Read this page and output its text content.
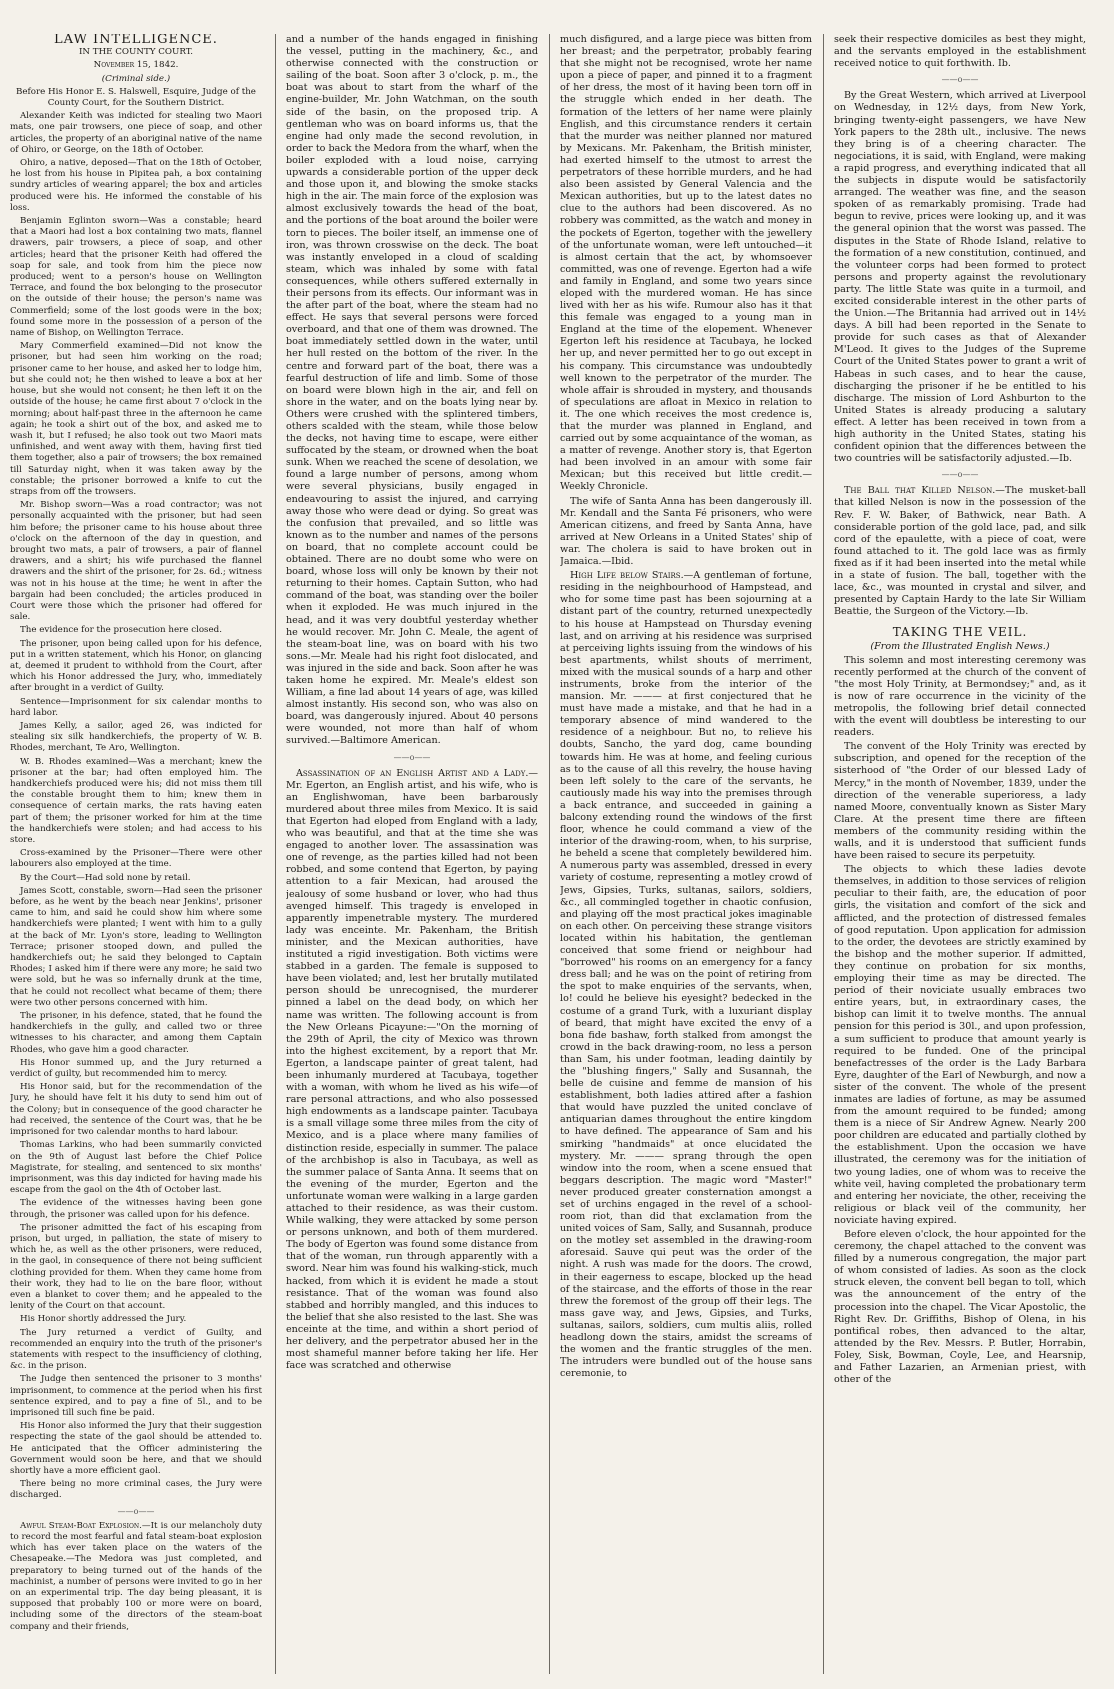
LAW INTELLIGENCE.

IN THE COUNTY COURT.

November 15, 1842.

(Criminal side.)

Before His Honor E. S. Halswell, Esquire, Judge of the County Court, for the Southern District.

Alexander Keith was indicted for stealing two Maori mats, one pair trowsers, one piece of soap, and other articles, the property of an aboriginal native of the name of Ohiro, or George, on the 18th of October.

Ohiro, a native, deposed—That on the 18th of October, he lost from his house in Pipitea pah, a box containing sundry articles of wearing apparel; the box and articles produced were his. He informed the constable of his loss.

Benjamin Eglinton sworn—Was a constable; heard that a Maori had lost a box containing two mats, flannel drawers, pair trowsers, a piece of soap, and other articles; heard that the prisoner Keith had offered the soap for sale, and took from him the piece now produced; went to a person's house on Wellington Terrace, and found the box belonging to the prosecutor on the outside of their house; the person's name was Commerfield; some of the lost goods were in the box; found some more in the possession of a person of the name of Bishop, on Wellington Terrace.

Mary Commerfield examined—Did not know the prisoner, but had seen him working on the road; prisoner came to her house, and asked her to lodge him, but she could not; he then wished to leave a box at her house, but she would not consent; he then left it on the outside of the house; he came first about 7 o'clock in the morning; about half-past three in the afternoon he came again; he took a shirt out of the box, and asked me to wash it, but I refused; he also took out two Maori mats unfinished, and went away with them, having first tied them together, also a pair of trowsers; the box remained till Saturday night, when it was taken away by the constable; the prisoner borrowed a knife to cut the straps from off the trowsers.

Mr. Bishop sworn—Was a road contractor; was not personally acquainted with the prisoner, but had seen him before; the prisoner came to his house about three o'clock on the afternoon of the day in question, and brought two mats, a pair of trowsers, a pair of flannel drawers, and a shirt; his wife purchased the flannel drawers and the shirt of the prisoner, for 2s. 6d.; witness was not in his house at the time; he went in after the bargain had been concluded; the articles produced in Court were those which the prisoner had offered for sale.

The evidence for the prosecution here closed.

The prisoner, upon being called upon for his defence, put in a written statement, which his Honor, on glancing at, deemed it prudent to withhold from the Court, after which his Honor addressed the Jury, who, immediately after brought in a verdict of Guilty.

Sentence—Imprisonment for six calendar months to hard labor.

James Kelly, a sailor, aged 26, was indicted for stealing six silk handkerchiefs, the property of W. B. Rhodes, merchant, Te Aro, Wellington.

W. B. Rhodes examined—Was a merchant; knew the prisoner at the bar; had often employed him. The handkerchiefs produced were his; did not miss them till the constable brought them to him; knew them in consequence of certain marks, the rats having eaten part of them; the prisoner worked for him at the time the handkerchiefs were stolen; and had access to his store.

Cross-examined by the Prisoner—There were other labourers also employed at the time.

By the Court—Had sold none by retail.

James Scott, constable, sworn—Had seen the prisoner before, as he went by the beach near Jenkins', prisoner came to him, and said he could show him where some handkerchiefs were planted; I went with him to a gully at the back of Mr. Lyon's store, leading to Wellington Terrace; prisoner stooped down, and pulled the handkerchiefs out; he said they belonged to Captain Rhodes; I asked him if there were any more; he said two were sold, but he was so infernally drunk at the time, that he could not recollect what became of them; there were two other persons concerned with him.

The prisoner, in his defence, stated, that he found the handkerchiefs in the gully, and called two or three witnesses to his character, and among them Captain Rhodes, who gave him a good character.

His Honor summed up, and the Jury returned a verdict of guilty, but recommended him to mercy.

His Honor said, but for the recommendation of the Jury, he should have felt it his duty to send him out of the Colony; but in consequence of the good character he had received, the sentence of the Court was, that he be imprisoned for two calendar months to hard labour.

Thomas Larkins, who had been summarily convicted on the 9th of August last before the Chief Police Magistrate, for stealing, and sentenced to six months' imprisonment, was this day indicted for having made his escape from the gaol on the 4th of October last.

The evidence of the witnesses having been gone through, the prisoner was called upon for his defence.

The prisoner admitted the fact of his escaping from prison, but urged, in palliation, the state of misery to which he, as well as the other prisoners, were reduced, in the gaol, in consequence of there not being sufficient clothing provided for them. When they came home from their work, they had to lie on the bare floor, without even a blanket to cover them; and he appealed to the lenity of the Court on that account.

His Honor shortly addressed the Jury.

The Jury returned a verdict of Guilty, and recommended an enquiry into the truth of the prisoner's statements with respect to the insufficiency of clothing, &c. in the prison.

The Judge then sentenced the prisoner to 3 months' imprisonment, to commence at the period when his first sentence expired, and to pay a fine of 5l., and to be imprisoned till such fine be paid.

His Honor also informed the Jury that their suggestion respecting the state of the gaol should be attended to. He anticipated that the Officer administering the Government would soon be here, and that we should shortly have a more efficient gaol.

There being no more criminal cases, the Jury were discharged.

——o——

Awful Steam-Boat Explosion.—It is our melancholy duty to record the most fearful and fatal steam-boat explosion which has ever taken place on the waters of the Chesapeake.—The Medora was just completed, and preparatory to being turned out of the hands of the machinist, a number of persons were invited to go in her on an experimental trip. The day being pleasant, it is supposed that probably 100 or more were on board, including some of the directors of the steam-boat company and their friends,

and a number of the hands engaged in finishing the vessel, putting in the machinery, &c., and otherwise connected with the construction or sailing of the boat. Soon after 3 o'clock, p. m., the boat was about to start from the wharf of the engine-builder, Mr. John Watchman, on the south side of the basin, on the proposed trip. A gentleman who was on board informs us, that the engine had only made the second revolution, in order to back the Medora from the wharf, when the boiler exploded with a loud noise, carrying upwards a considerable portion of the upper deck and those upon it, and blowing the smoke stacks high in the air. The main force of the explosion was almost exclusively towards the head of the boat, and the portions of the boat around the boiler were torn to pieces. The boiler itself, an immense one of iron, was thrown crosswise on the deck. The boat was instantly enveloped in a cloud of scalding steam, which was inhaled by some with fatal consequences, while others suffered externally in their persons from its effects. Our informant was in the after part of the boat, where the steam had no effect. He says that several persons were forced overboard, and that one of them was drowned. The boat immediately settled down in the water, until her hull rested on the bottom of the river. In the centre and forward part of the boat, there was a fearful destruction of life and limb. Some of those on board were blown high in the air, and fell on shore in the water, and on the boats lying near by. Others were crushed with the splintered timbers, others scalded with the steam, while those below the decks, not having time to escape, were either suffocated by the steam, or drowned when the boat sunk. When we reached the scene of desolation, we found a large number of persons, among whom were several physicians, busily engaged in endeavouring to assist the injured, and carrying away those who were dead or dying. So great was the confusion that prevailed, and so little was known as to the number and names of the persons on board, that no complete account could be obtained. There are no doubt some who were on board, whose loss will only be known by their not returning to their homes. Captain Sutton, who had command of the boat, was standing over the boiler when it exploded. He was much injured in the head, and it was very doubtful yesterday whether he would recover. Mr. John C. Meale, the agent of the steam-boat line, was on board with his two sons.—Mr. Meale had his right foot dislocated, and was injured in the side and back. Soon after he was taken home he expired. Mr. Meale's eldest son William, a fine lad about 14 years of age, was killed almost instantly. His second son, who was also on board, was dangerously injured. About 40 persons were wounded, not more than half of whom survived.—Baltimore American.

——o——

Assassination of an English Artist and a Lady.—Mr. Egerton, an English artist, and his wife, who is an Englishwoman, have been barbarously murdered about three miles from Mexico. It is said that Egerton had eloped from England with a lady, who was beautiful, and that at the time she was engaged to another lover. The assassination was one of revenge, as the parties killed had not been robbed, and some contend that Egerton, by paying attention to a fair Mexican, had aroused the jealousy of some husband or lover, who had thus avenged himself. This tragedy is enveloped in apparently impenetrable mystery. The murdered lady was enceinte. Mr. Pakenham, the British minister, and the Mexican authorities, have instituted a rigid investigation. Both victims were stabbed in a garden. The female is supposed to have been violated; and, lest her brutally mutilated person should be unrecognised, the murderer pinned a label on the dead body, on which her name was written. The following account is from the New Orleans Picayune:—"On the morning of the 29th of April, the city of Mexico was thrown into the highest excitement, by a report that Mr. Egerton, a landscape painter of great talent, had been inhumanly murdered at Tacubaya, together with a woman, with whom he lived as his wife—of rare personal attractions, and who also possessed high endowments as a landscape painter. Tacubaya is a small village some three miles from the city of Mexico, and is a place where many families of distinction reside, especially in summer. The palace of the archbishop is also in Tacubaya, as well as the summer palace of Santa Anna. It seems that on the evening of the murder, Egerton and the unfortunate woman were walking in a large garden attached to their residence, as was their custom. While walking, they were attacked by some person or persons unknown, and both of them murdered. The body of Egerton was found some distance from that of the woman, run through apparently with a sword. Near him was found his walking-stick, much hacked, from which it is evident he made a stout resistance. That of the woman was found also stabbed and horribly mangled, and this induces to the belief that she also resisted to the last. She was enceinte at the time, and within a short period of her delivery, and the perpetrator abused her in the most shameful manner before taking her life. Her face was scratched and otherwise

much disfigured, and a large piece was bitten from her breast; and the perpetrator, probably fearing that she might not be recognised, wrote her name upon a piece of paper, and pinned it to a fragment of her dress, the most of it having been torn off in the struggle which ended in her death. The formation of the letters of her name were plainly English, and this circumstance renders it certain that the murder was neither planned nor matured by Mexicans. Mr. Pakenham, the British minister, had exerted himself to the utmost to arrest the perpetrators of these horrible murders, and he had also been assisted by General Valencia and the Mexican authorities, but up to the latest dates no clue to the authors had been discovered. As no robbery was committed, as the watch and money in the pockets of Egerton, together with the jewellery of the unfortunate woman, were left untouched—it is almost certain that the act, by whomsoever committed, was one of revenge. Egerton had a wife and family in England, and some two years since eloped with the murdered woman. He has since lived with her as his wife. Rumour also has it that this female was engaged to a young man in England at the time of the elopement. Whenever Egerton left his residence at Tacubaya, he locked her up, and never permitted her to go out except in his company. This circumstance was undoubtedly well known to the perpetrator of the murder. The whole affair is shrouded in mystery, and thousands of speculations are afloat in Mexico in relation to it. The one which receives the most credence is, that the murder was planned in England, and carried out by some acquaintance of the woman, as a matter of revenge. Another story is, that Egerton had been involved in an amour with some fair Mexican; but this received but little credit.—Weekly Chronicle.

The wife of Santa Anna has been dangerously ill. Mr. Kendall and the Santa Fé prisoners, who were American citizens, and freed by Santa Anna, have arrived at New Orleans in a United States' ship of war. The cholera is said to have broken out in Jamaica.—Ibid.

High Life below Stairs.—A gentleman of fortune, residing in the neighbourhood of Hampstead, and who for some time past has been sojourning at a distant part of the country, returned unexpectedly to his house at Hampstead on Thursday evening last, and on arriving at his residence was surprised at perceiving lights issuing from the windows of his best apartments, whilst shouts of merriment, mixed with the musical sounds of a harp and other instruments, broke from the interior of the mansion. Mr. ——— at first conjectured that he must have made a mistake, and that he had in a temporary absence of mind wandered to the residence of a neighbour. But no, to relieve his doubts, Sancho, the yard dog, came bounding towards him. He was at home, and feeling curious as to the cause of all this revelry, the house having been left solely to the care of the servants, he cautiously made his way into the premises through a back entrance, and succeeded in gaining a balcony extending round the windows of the first floor, whence he could command a view of the interior of the drawing-room, when, to his surprise, he beheld a scene that completely bewildered him. A numerous party was assembled, dressed in every variety of costume, representing a motley crowd of Jews, Gipsies, Turks, sultanas, sailors, soldiers, &c., all commingled together in chaotic confusion, and playing off the most practical jokes imaginable on each other. On perceiving these strange visitors located within his habitation, the gentleman conceived that some friend or neighbour had "borrowed" his rooms on an emergency for a fancy dress ball; and he was on the point of retiring from the spot to make enquiries of the servants, when, lo! could he believe his eyesight? bedecked in the costume of a grand Turk, with a luxuriant display of beard, that might have excited the envy of a bona fide bashaw, forth stalked from amongst the crowd in the back drawing-room, no less a person than Sam, his under footman, leading daintily by the "blushing fingers," Sally and Susannah, the belle de cuisine and femme de mansion of his establishment, both ladies attired after a fashion that would have puzzled the united conclave of antiquarian dames throughout the entire kingdom to have defined. The appearance of Sam and his smirking "handmaids" at once elucidated the mystery. Mr. ——— sprang through the open window into the room, when a scene ensued that beggars description. The magic word "Master!" never produced greater consternation amongst a set of urchins engaged in the revel of a school-room riot, than did that exclamation from the united voices of Sam, Sally, and Susannah, produce on the motley set assembled in the drawing-room aforesaid. Sauve qui peut was the order of the night. A rush was made for the doors. The crowd, in their eagerness to escape, blocked up the head of the staircase, and the efforts of those in the rear threw the foremost of the group off their legs. The mass gave way, and Jews, Gipsies, and Turks, sultanas, sailors, soldiers, cum multis aliis, rolled headlong down the stairs, amidst the screams of the women and the frantic struggles of the men. The intruders were bundled out of the house sans ceremonie, to

seek their respective domiciles as best they might, and the servants employed in the establishment received notice to quit forthwith. Ib.

——o——

By the Great Western, which arrived at Liverpool on Wednesday, in 12½ days, from New York, bringing twenty-eight passengers, we have New York papers to the 28th ult., inclusive. The news they bring is of a cheering character. The negociations, it is said, with England, were making a rapid progress, and everything indicated that all the subjects in dispute would be satisfactorily arranged. The weather was fine, and the season spoken of as remarkably promising. Trade had begun to revive, prices were looking up, and it was the general opinion that the worst was passed. The disputes in the State of Rhode Island, relative to the formation of a new constitution, continued, and the volunteer corps had been formed to protect persons and property against the revolutionary party. The little State was quite in a turmoil, and excited considerable interest in the other parts of the Union.—The Britannia had arrived out in 14½ days. A bill had been reported in the Senate to provide for such cases as that of Alexander M'Leod. It gives to the Judges of the Supreme Court of the United States power to grant a writ of Habeas in such cases, and to hear the cause, discharging the prisoner if he be entitled to his discharge. The mission of Lord Ashburton to the United States is already producing a salutary effect. A letter has been received in town from a high authority in the United States, stating his confident opinion that the differences between the two countries will be satisfactorily adjusted.—Ib.

——o——

The Ball that Killed Nelson.—The musket-ball that killed Nelson is now in the possession of the Rev. F. W. Baker, of Bathwick, near Bath. A considerable portion of the gold lace, pad, and silk cord of the epaulette, with a piece of coat, were found attached to it. The gold lace was as firmly fixed as if it had been inserted into the metal while in a state of fusion. The ball, together with the lace, &c., was mounted in crystal and silver, and presented by Captain Hardy to the late Sir William Beattie, the Surgeon of the Victory.—Ib.

TAKING THE VEIL.

(From the Illustrated English News.)

This solemn and most interesting ceremony was recently performed at the church of the convent of "the most Holy Trinity, at Bermondsey;" and, as it is now of rare occurrence in the vicinity of the metropolis, the following brief detail connected with the event will doubtless be interesting to our readers.

The convent of the Holy Trinity was erected by subscription, and opened for the reception of the sisterhood of "the Order of our blessed Lady of Mercy," in the month of November, 1839, under the direction of the venerable superioress, a lady named Moore, conventually known as Sister Mary Clare. At the present time there are fifteen members of the community residing within the walls, and it is understood that sufficient funds have been raised to secure its perpetuity.

The objects to which these ladies devote themselves, in addition to those services of religion peculiar to their faith, are, the education of poor girls, the visitation and comfort of the sick and afflicted, and the protection of distressed females of good reputation. Upon application for admission to the order, the devotees are strictly examined by the bishop and the mother superior. If admitted, they continue on probation for six months, employing their time as may be directed. The period of their noviciate usually embraces two entire years, but, in extraordinary cases, the bishop can limit it to twelve months. The annual pension for this period is 30l., and upon profession, a sum sufficient to produce that amount yearly is required to be funded. One of the principal benefactresses of the order is the Lady Barbara Eyre, daughter of the Earl of Newburgh, and now a sister of the convent. The whole of the present inmates are ladies of fortune, as may be assumed from the amount required to be funded; among them is a niece of Sir Andrew Agnew. Nearly 200 poor children are educated and partially clothed by the establishment. Upon the occasion we have illustrated, the ceremony was for the initiation of two young ladies, one of whom was to receive the white veil, having completed the probationary term and entering her noviciate, the other, receiving the religious or black veil of the community, her noviciate having expired.

Before eleven o'clock, the hour appointed for the ceremony, the chapel attached to the convent was filled by a numerous congregation, the major part of whom consisted of ladies. As soon as the clock struck eleven, the convent bell began to toll, which was the announcement of the entry of the procession into the chapel. The Vicar Apostolic, the Right Rev. Dr. Griffiths, Bishop of Olena, in his pontifical robes, then advanced to the altar, attended by the Rev. Messrs. P. Butler, Horrabin, Foley, Sisk, Bowman, Coyle, Lee, and Hearsnip, and Father Lazarien, an Armenian priest, with other of the
